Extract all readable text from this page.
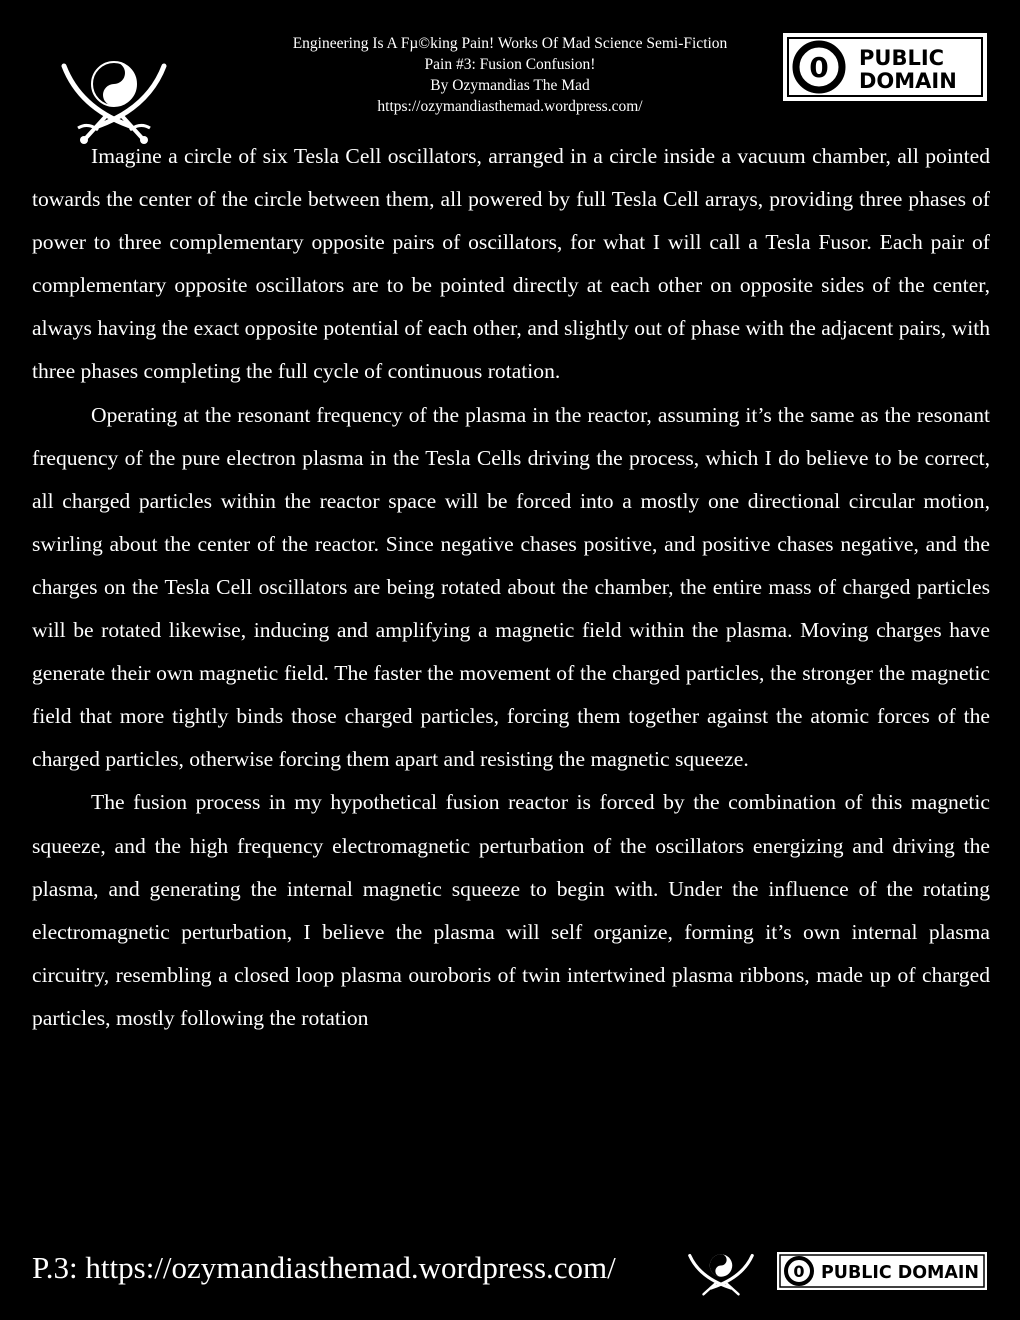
Engineering Is A Fµ©king Pain! Works Of Mad Science Semi-Fiction
Pain #3: Fusion Confusion!
By Ozymandias The Mad
https://ozymandiasthemad.wordpress.com/
0 PUBLIC
DOMAIN

Imagine a circle of six Tesla Cell oscillators, arranged in a circle inside a vacuum chamber, all pointed towards the center of the circle between them, all powered by full Tesla Cell arrays, providing three phases of power to three complementary opposite pairs of oscillators, for what I will call a Tesla Fusor. Each pair of complementary opposite oscillators are to be pointed directly at each other on opposite sides of the center, always having the exact opposite potential of each other, and slightly out of phase with the adjacent pairs, with three phases completing the full cycle of continuous rotation.

Operating at the resonant frequency of the plasma in the reactor, assuming it’s the same as the resonant frequency of the pure electron plasma in the Tesla Cells driving the process, which I do believe to be correct, all charged particles within the reactor space will be forced into a mostly one directional circular motion, swirling about the center of the reactor. Since negative chases positive, and positive chases negative, and the charges on the Tesla Cell oscillators are being rotated about the chamber, the entire mass of charged particles will be rotated likewise, inducing and amplifying a magnetic field within the plasma. Moving charges have generate their own magnetic field. The faster the movement of the charged particles, the stronger the magnetic field that more tightly binds those charged particles, forcing them together against the atomic forces of the charged particles, otherwise forcing them apart and resisting the magnetic squeeze.

The fusion process in my hypothetical fusion reactor is forced by the combination of this magnetic squeeze, and the high frequency electromagnetic perturbation of the oscillators energizing and driving the plasma, and generating the internal magnetic squeeze to begin with. Under the influence of the rotating electromagnetic perturbation, I believe the plasma will self organize, forming it’s own internal plasma circuitry, resembling a closed loop plasma ouroboris of twin intertwined plasma ribbons, made up of charged particles, mostly following the rotation

P.3: https://ozymandiasthemad.wordpress.com/	0 PUBLIC DOMAIN
